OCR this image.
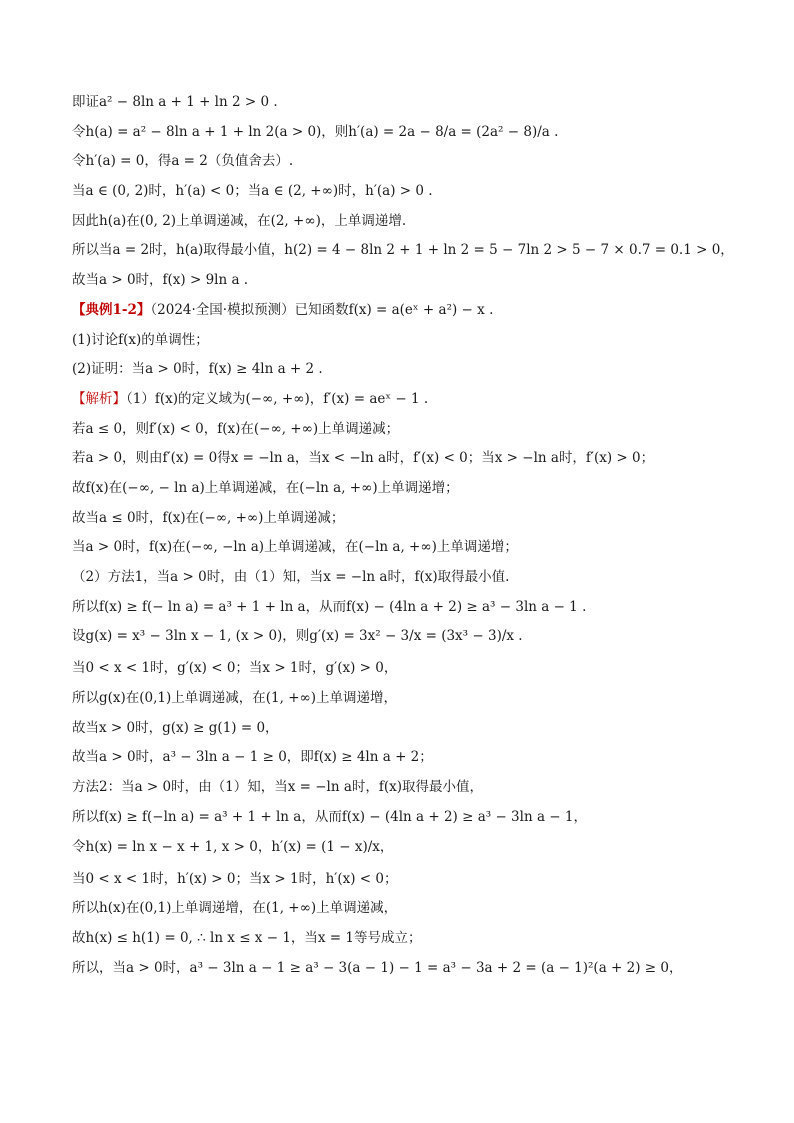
即证a² − 8ln a + 1 + ln 2 > 0 .
令h(a) = a² − 8ln a + 1 + ln 2(a > 0)，则h′(a) = 2a − 8/a = (2a² − 8)/a .
令h′(a) = 0，得a = 2（负值舍去）.
当a ∈ (0, 2)时，h′(a) < 0；当a ∈ (2, +∞)时，h′(a) > 0 .
因此h(a)在(0, 2)上单调递减，在(2, +∞)，上单调递增.
所以当a = 2时，h(a)取得最小值，h(2) = 4 − 8ln 2 + 1 + ln 2 = 5 − 7ln 2 > 5 − 7 × 0.7 = 0.1 > 0，
故当a > 0时，f(x) > 9ln a .
【典例1-2】（2024·全国·模拟预测）已知函数f(x) = a(eˣ + a²) − x .
(1)讨论f(x)的单调性；
(2)证明：当a > 0时，f(x) ≥ 4ln a + 2 .
【解析】（1）f(x)的定义域为(−∞, +∞)，f′(x) = aeˣ − 1 .
若a ≤ 0，则f′(x) < 0，f(x)在(−∞, +∞)上单调递减；
若a > 0，则由f′(x) = 0得x = −ln a，当x < −ln a时，f′(x) < 0；当x > −ln a时，f′(x) > 0；
故f(x)在(−∞, − ln a)上单调递减，在(−ln a, +∞)上单调递增；
故当a ≤ 0时，f(x)在(−∞, +∞)上单调递减；
当a > 0时，f(x)在(−∞, −ln a)上单调递减，在(−ln a, +∞)上单调递增；
（2）方法1，当a > 0时，由（1）知，当x = −ln a时，f(x)取得最小值.
所以f(x) ≥ f(− ln a) = a³ + 1 + ln a，从而f(x) − (4ln a + 2) ≥ a³ − 3ln a − 1 .
设g(x) = x³ − 3ln x − 1, (x > 0)，则g′(x) = 3x² − 3/x = (3x³ − 3)/x .
当0 < x < 1时，g′(x) < 0；当x > 1时，g′(x) > 0，
所以g(x)在(0,1)上单调递减，在(1, +∞)上单调递增，
故当x > 0时，g(x) ≥ g(1) = 0，
故当a > 0时，a³ − 3ln a − 1 ≥ 0，即f(x) ≥ 4ln a + 2；
方法2：当a > 0时，由（1）知，当x = −ln a时，f(x)取得最小值，
所以f(x) ≥ f(−ln a) = a³ + 1 + ln a，从而f(x) − (4ln a + 2) ≥ a³ − 3ln a − 1，
令h(x) = ln x − x + 1, x > 0，h′(x) = (1 − x)/x，
当0 < x < 1时，h′(x) > 0；当x > 1时，h′(x) < 0；
所以h(x)在(0,1)上单调递增，在(1, +∞)上单调递减，
故h(x) ≤ h(1) = 0, ∴ ln x ≤ x − 1，当x = 1等号成立；
所以，当a > 0时，a³ − 3ln a − 1 ≥ a³ − 3(a − 1) − 1 = a³ − 3a + 2 = (a − 1)²(a + 2) ≥ 0，
